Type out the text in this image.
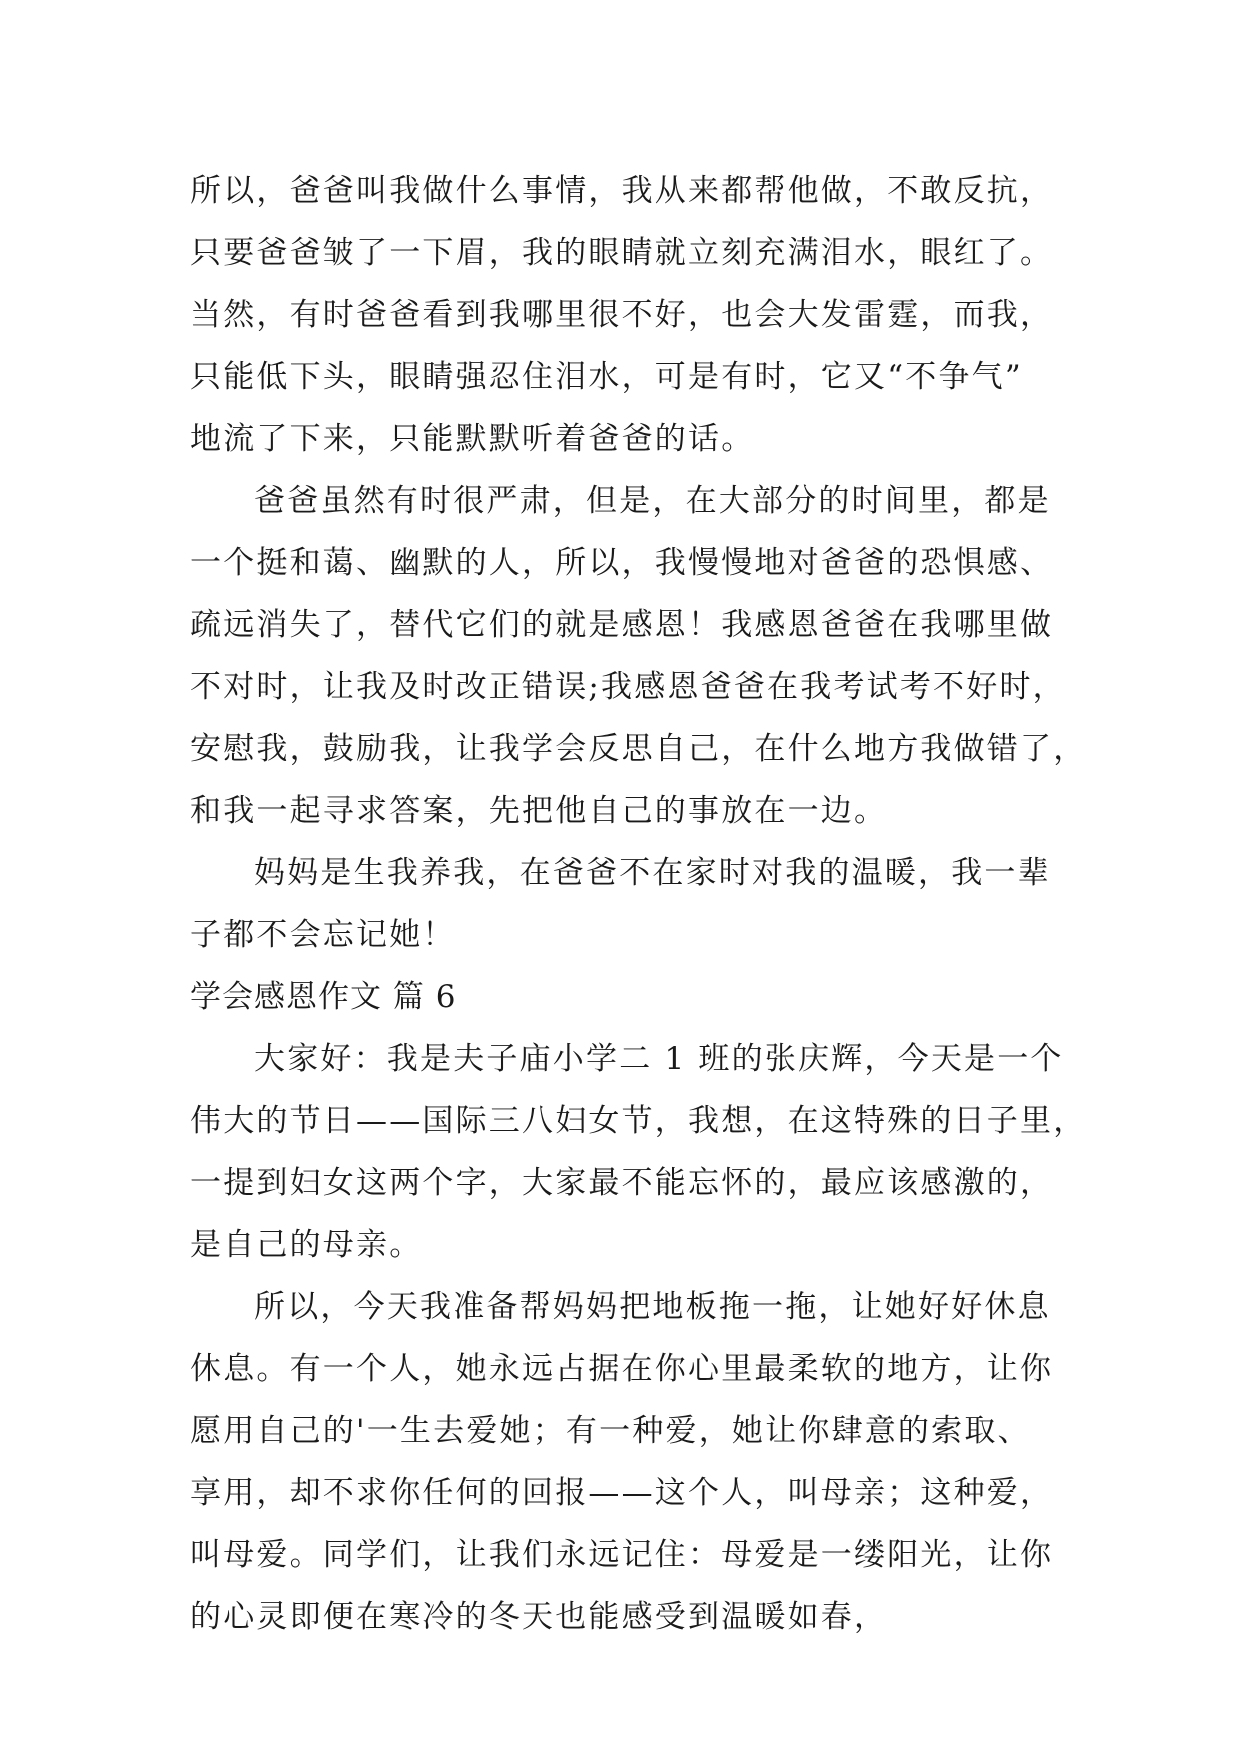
所以，爸爸叫我做什么事情，我从来都帮他做，不敢反抗，
只要爸爸皱了一下眉，我的眼睛就立刻充满泪水，眼红了。
当然，有时爸爸看到我哪里很不好，也会大发雷霆，而我，
只能低下头，眼睛强忍住泪水，可是有时，它又“不争气”
地流了下来，只能默默听着爸爸的话。
爸爸虽然有时很严肃，但是，在大部分的时间里，都是
一个挺和蔼、幽默的人，所以，我慢慢地对爸爸的恐惧感、
疏远消失了，替代它们的就是感恩！我感恩爸爸在我哪里做
不对时，让我及时改正错误;我感恩爸爸在我考试考不好时，
安慰我，鼓励我，让我学会反思自己，在什么地方我做错了，
和我一起寻求答案，先把他自己的事放在一边。
妈妈是生我养我，在爸爸不在家时对我的温暖，我一辈
子都不会忘记她！
学会感恩作文 篇 6
大家好：我是夫子庙小学二 1 班的张庆辉，今天是一个
伟大的节日——国际三八妇女节，我想，在这特殊的日子里，
一提到妇女这两个字，大家最不能忘怀的，最应该感激的，
是自己的母亲。
所以，今天我准备帮妈妈把地板拖一拖，让她好好休息
休息。有一个人，她永远占据在你心里最柔软的地方，让你
愿用自己的'一生去爱她；有一种爱，她让你肆意的索取、
享用，却不求你任何的回报——这个人，叫母亲；这种爱，
叫母爱。同学们，让我们永远记住：母爱是一缕阳光，让你
的心灵即便在寒冷的冬天也能感受到温暖如春，
